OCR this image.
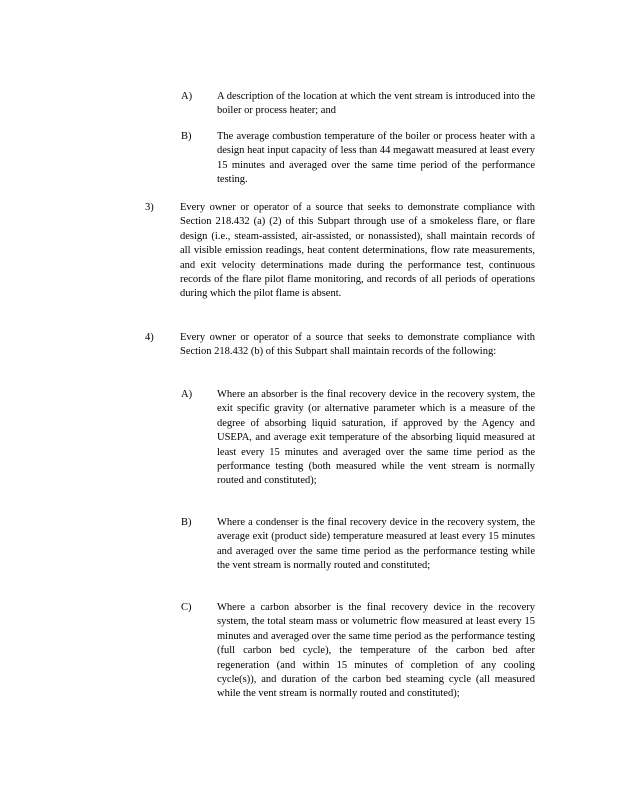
A) A description of the location at which the vent stream is introduced into the boiler or process heater; and
B) The average combustion temperature of the boiler or process heater with a design heat input capacity of less than 44 megawatt measured at least every 15 minutes and averaged over the same time period of the performance testing.
3)	Every owner or operator of a source that seeks to demonstrate compliance with Section 218.432 (a) (2) of this Subpart through use of a smokeless flare, or flare design (i.e., steam-assisted, air-assisted, or nonassisted), shall maintain records of all visible emission readings, heat content determinations, flow rate measurements, and exit velocity determinations made during the performance test, continuous records of the flare pilot flame monitoring, and records of all periods of operations during which the pilot flame is absent.
4)	Every owner or operator of a source that seeks to demonstrate compliance with Section 218.432 (b) of this Subpart shall maintain records of the following:
A) Where an absorber is the final recovery device in the recovery system, the exit specific gravity (or alternative parameter which is a measure of the degree of absorbing liquid saturation, if approved by the Agency and USEPA, and average exit temperature of the absorbing liquid measured at least every 15 minutes and averaged over the same time period as the performance testing (both measured while the vent stream is normally routed and constituted);
B) Where a condenser is the final recovery device in the recovery system, the average exit (product side) temperature measured at least every 15 minutes and averaged over the same time period as the performance testing while the vent stream is normally routed and constituted;
C) Where a carbon absorber is the final recovery device in the recovery system, the total steam mass or volumetric flow measured at least every 15 minutes and averaged over the same time period as the performance testing (full carbon bed cycle), the temperature of the carbon bed after regeneration (and within 15 minutes of completion of any cooling cycle(s)), and duration of the carbon bed steaming cycle (all measured while the vent stream is normally routed and constituted);
